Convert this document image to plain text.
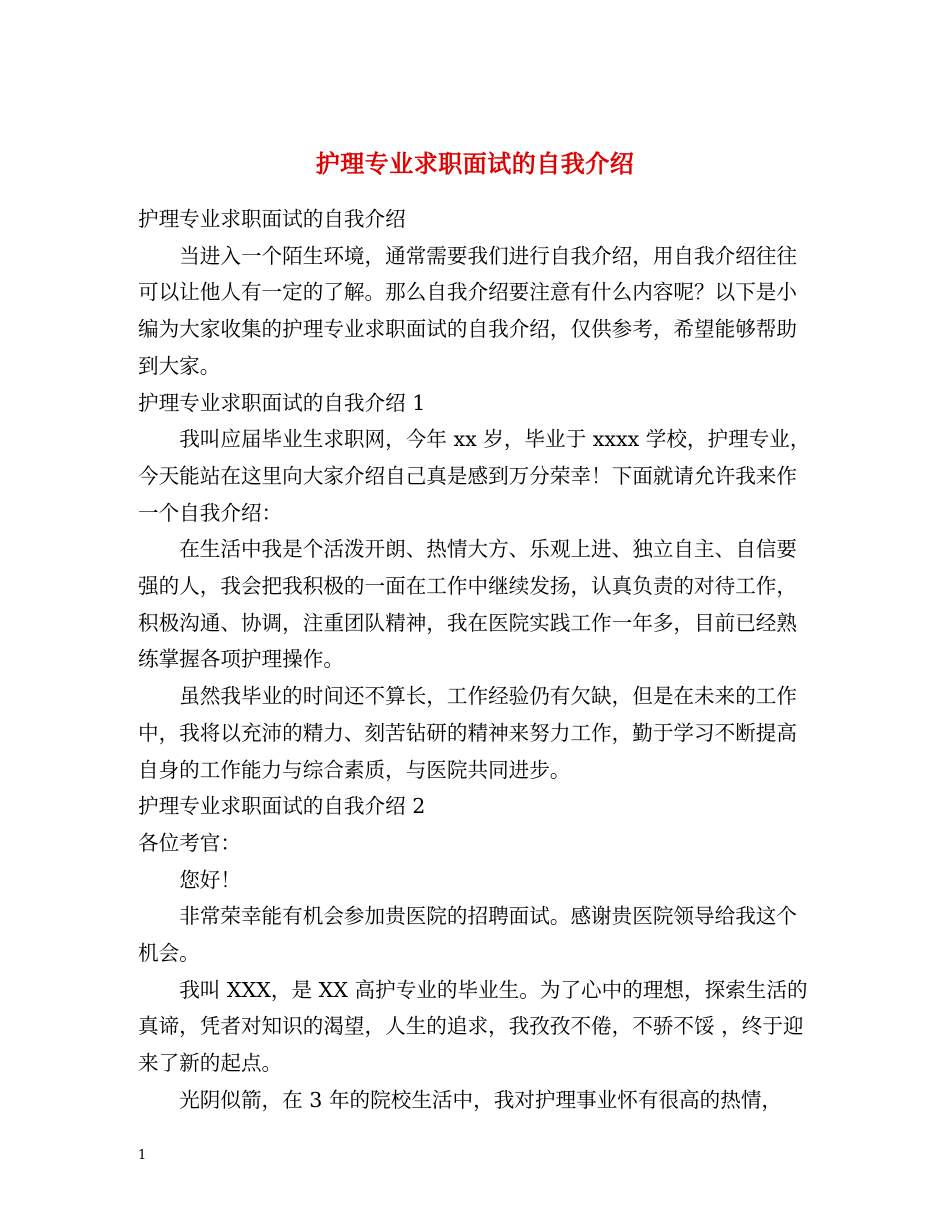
护理专业求职面试的自我介绍

护理专业求职面试的自我介绍

当进入一个陌生环境，通常需要我们进行自我介绍，用自我介绍往往可以让他人有一定的了解。那么自我介绍要注意有什么内容呢？以下是小编为大家收集的护理专业求职面试的自我介绍，仅供参考，希望能够帮助到大家。

护理专业求职面试的自我介绍 1

我叫应届毕业生求职网，今年 xx 岁，毕业于 xxxx 学校，护理专业，今天能站在这里向大家介绍自己真是感到万分荣幸！下面就请允许我来作一个自我介绍：

在生活中我是个活泼开朗、热情大方、乐观上进、独立自主、自信要强的人，我会把我积极的一面在工作中继续发扬，认真负责的对待工作，积极沟通、协调，注重团队精神，我在医院实践工作一年多，目前已经熟练掌握各项护理操作。

虽然我毕业的时间还不算长，工作经验仍有欠缺，但是在未来的工作中，我将以充沛的精力、刻苦钻研的精神来努力工作，勤于学习不断提高自身的工作能力与综合素质，与医院共同进步。

护理专业求职面试的自我介绍 2

各位考官：

您好！

非常荣幸能有机会参加贵医院的招聘面试。感谢贵医院领导给我这个机会。

我叫 XXX，是 XX 高护专业的毕业生。为了心中的理想，探索生活的真谛，凭者对知识的渴望，人生的追求，我孜孜不倦，不骄不馁 ，终于迎来了新的起点。

光阴似箭，在 3 年的院校生活中，我对护理事业怀有很高的热情，

1
